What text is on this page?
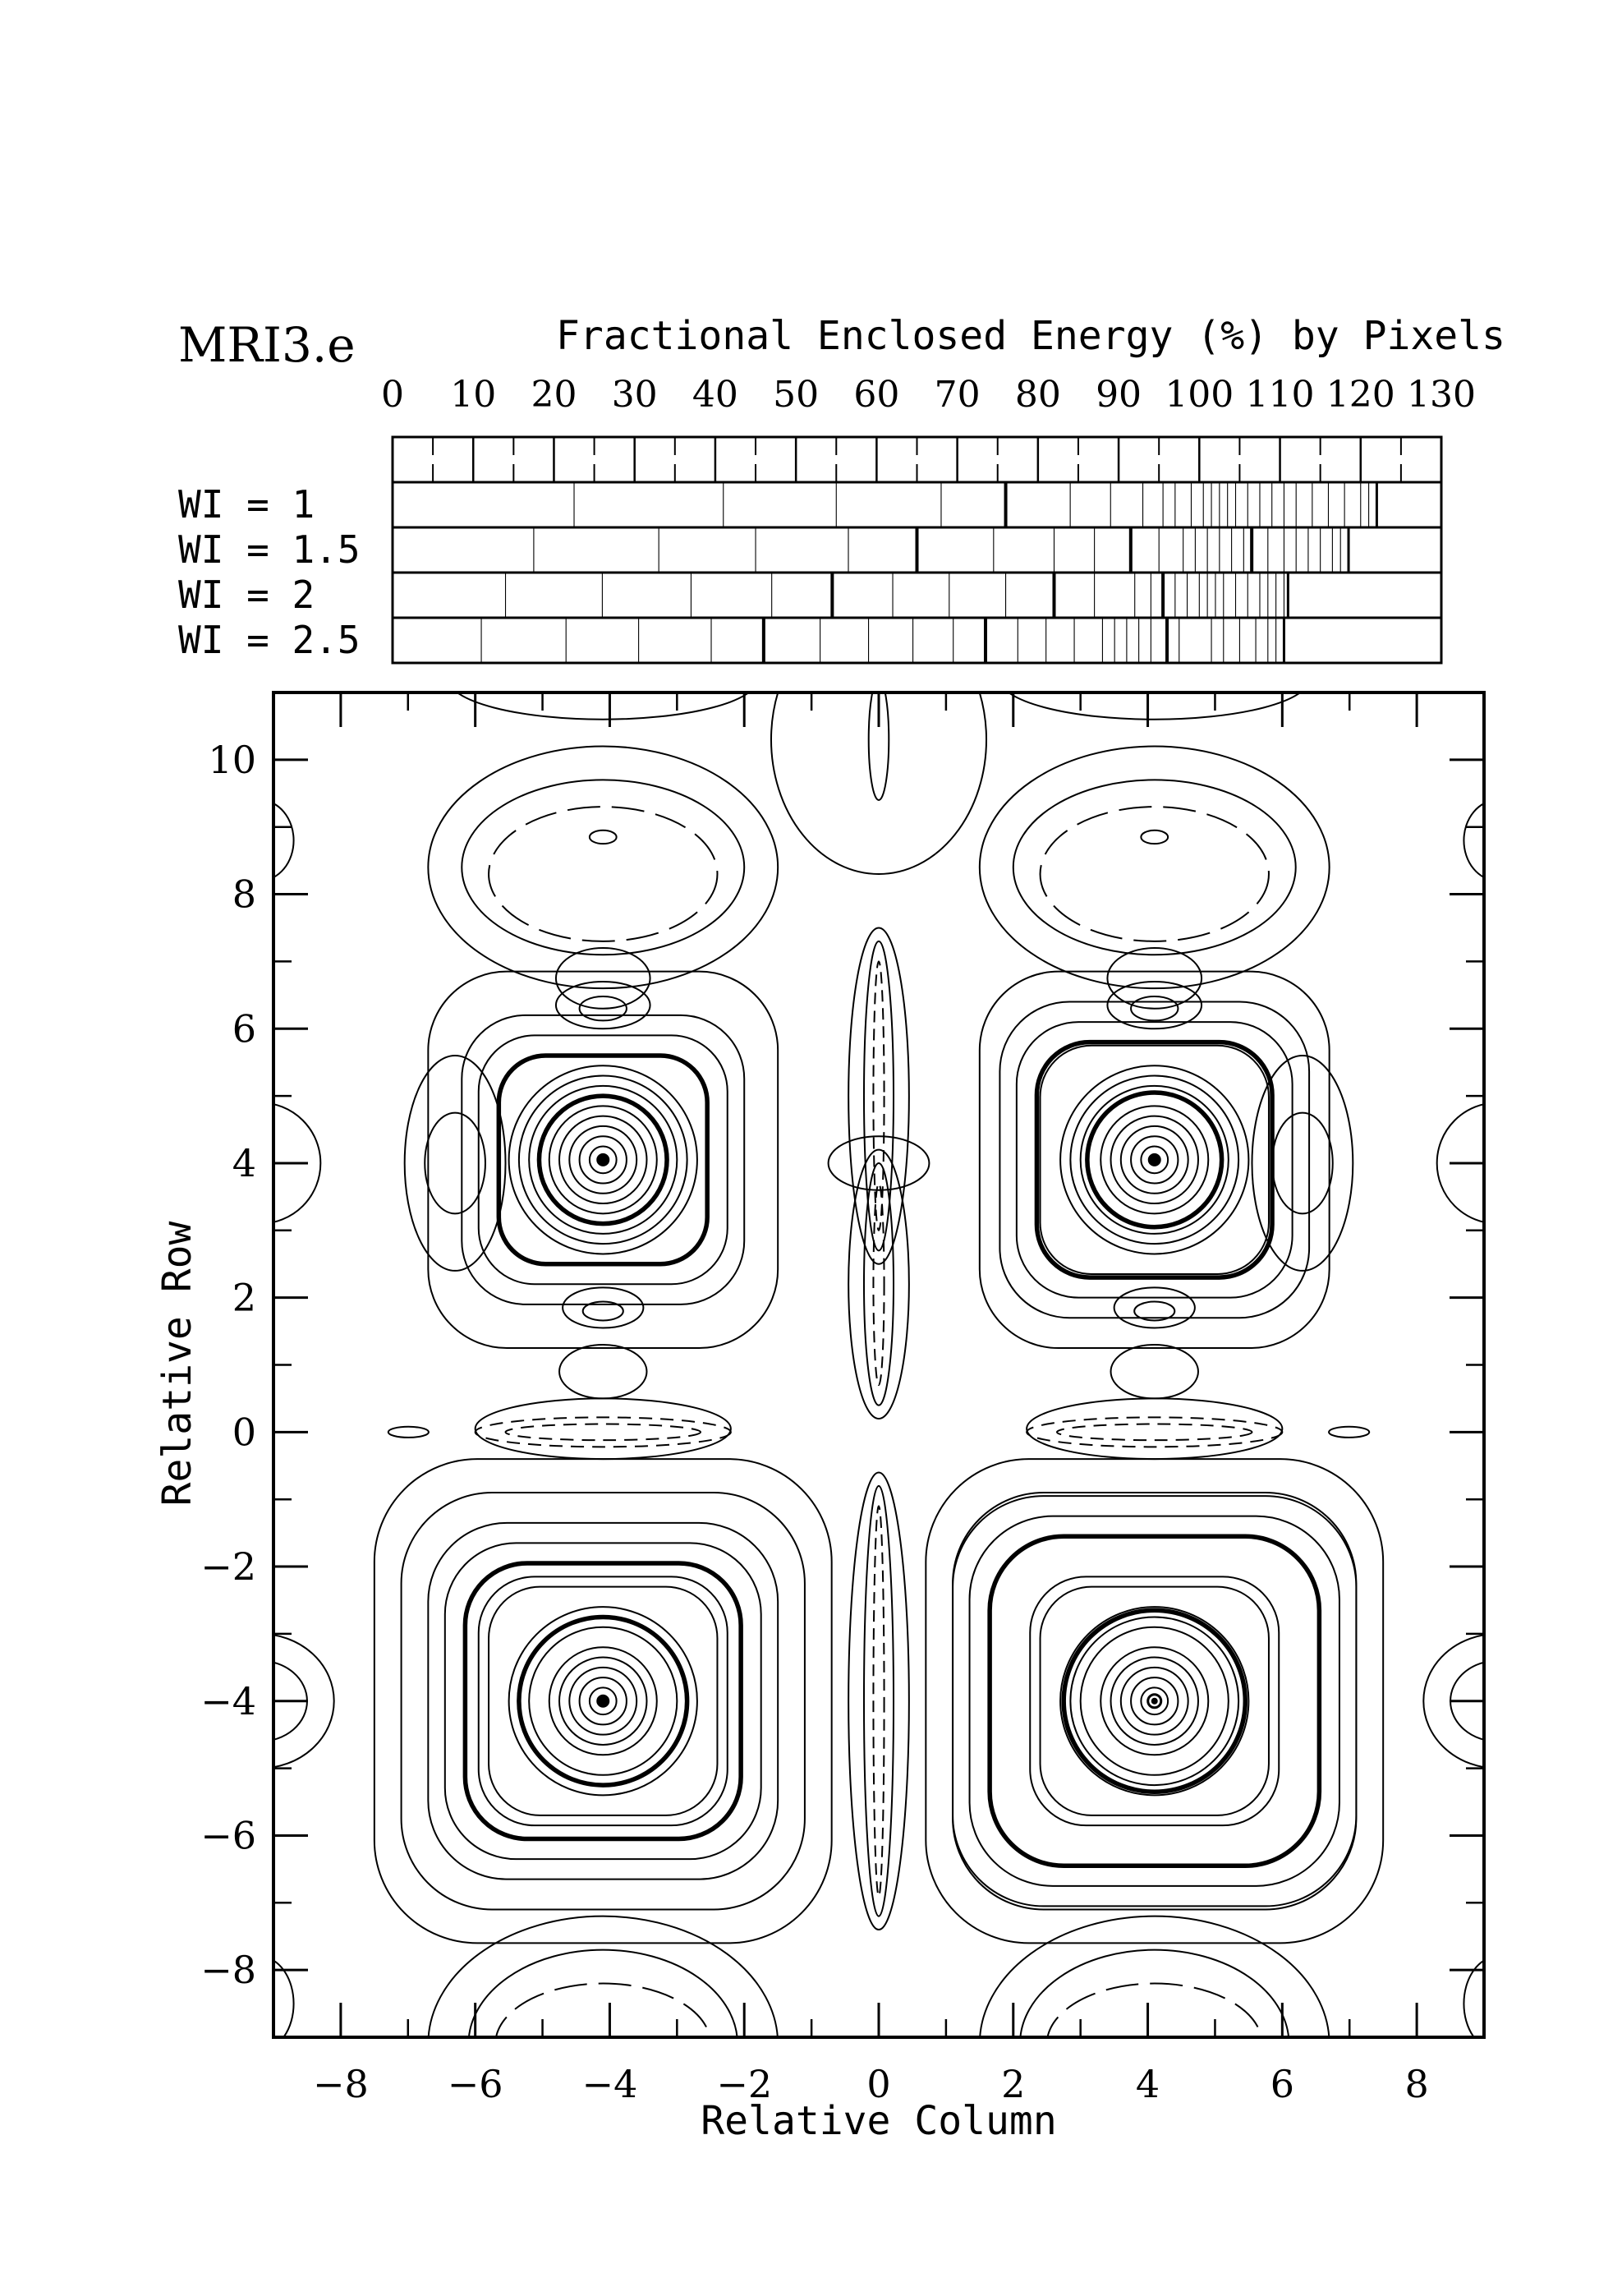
MRI3.e	Fractional Enclosed Energy (%) by Pixels
0 10 20 30 40 50 60 70 80 90 100 110 120 130
WI = 1
WI = 1.5
WI = 2
WI = 2.5
−8 −6 −4 −2	0	2	4	6	8
−8
−6
−4
−2
0
2
4
6
8
10
Relative Column
Relative Row
